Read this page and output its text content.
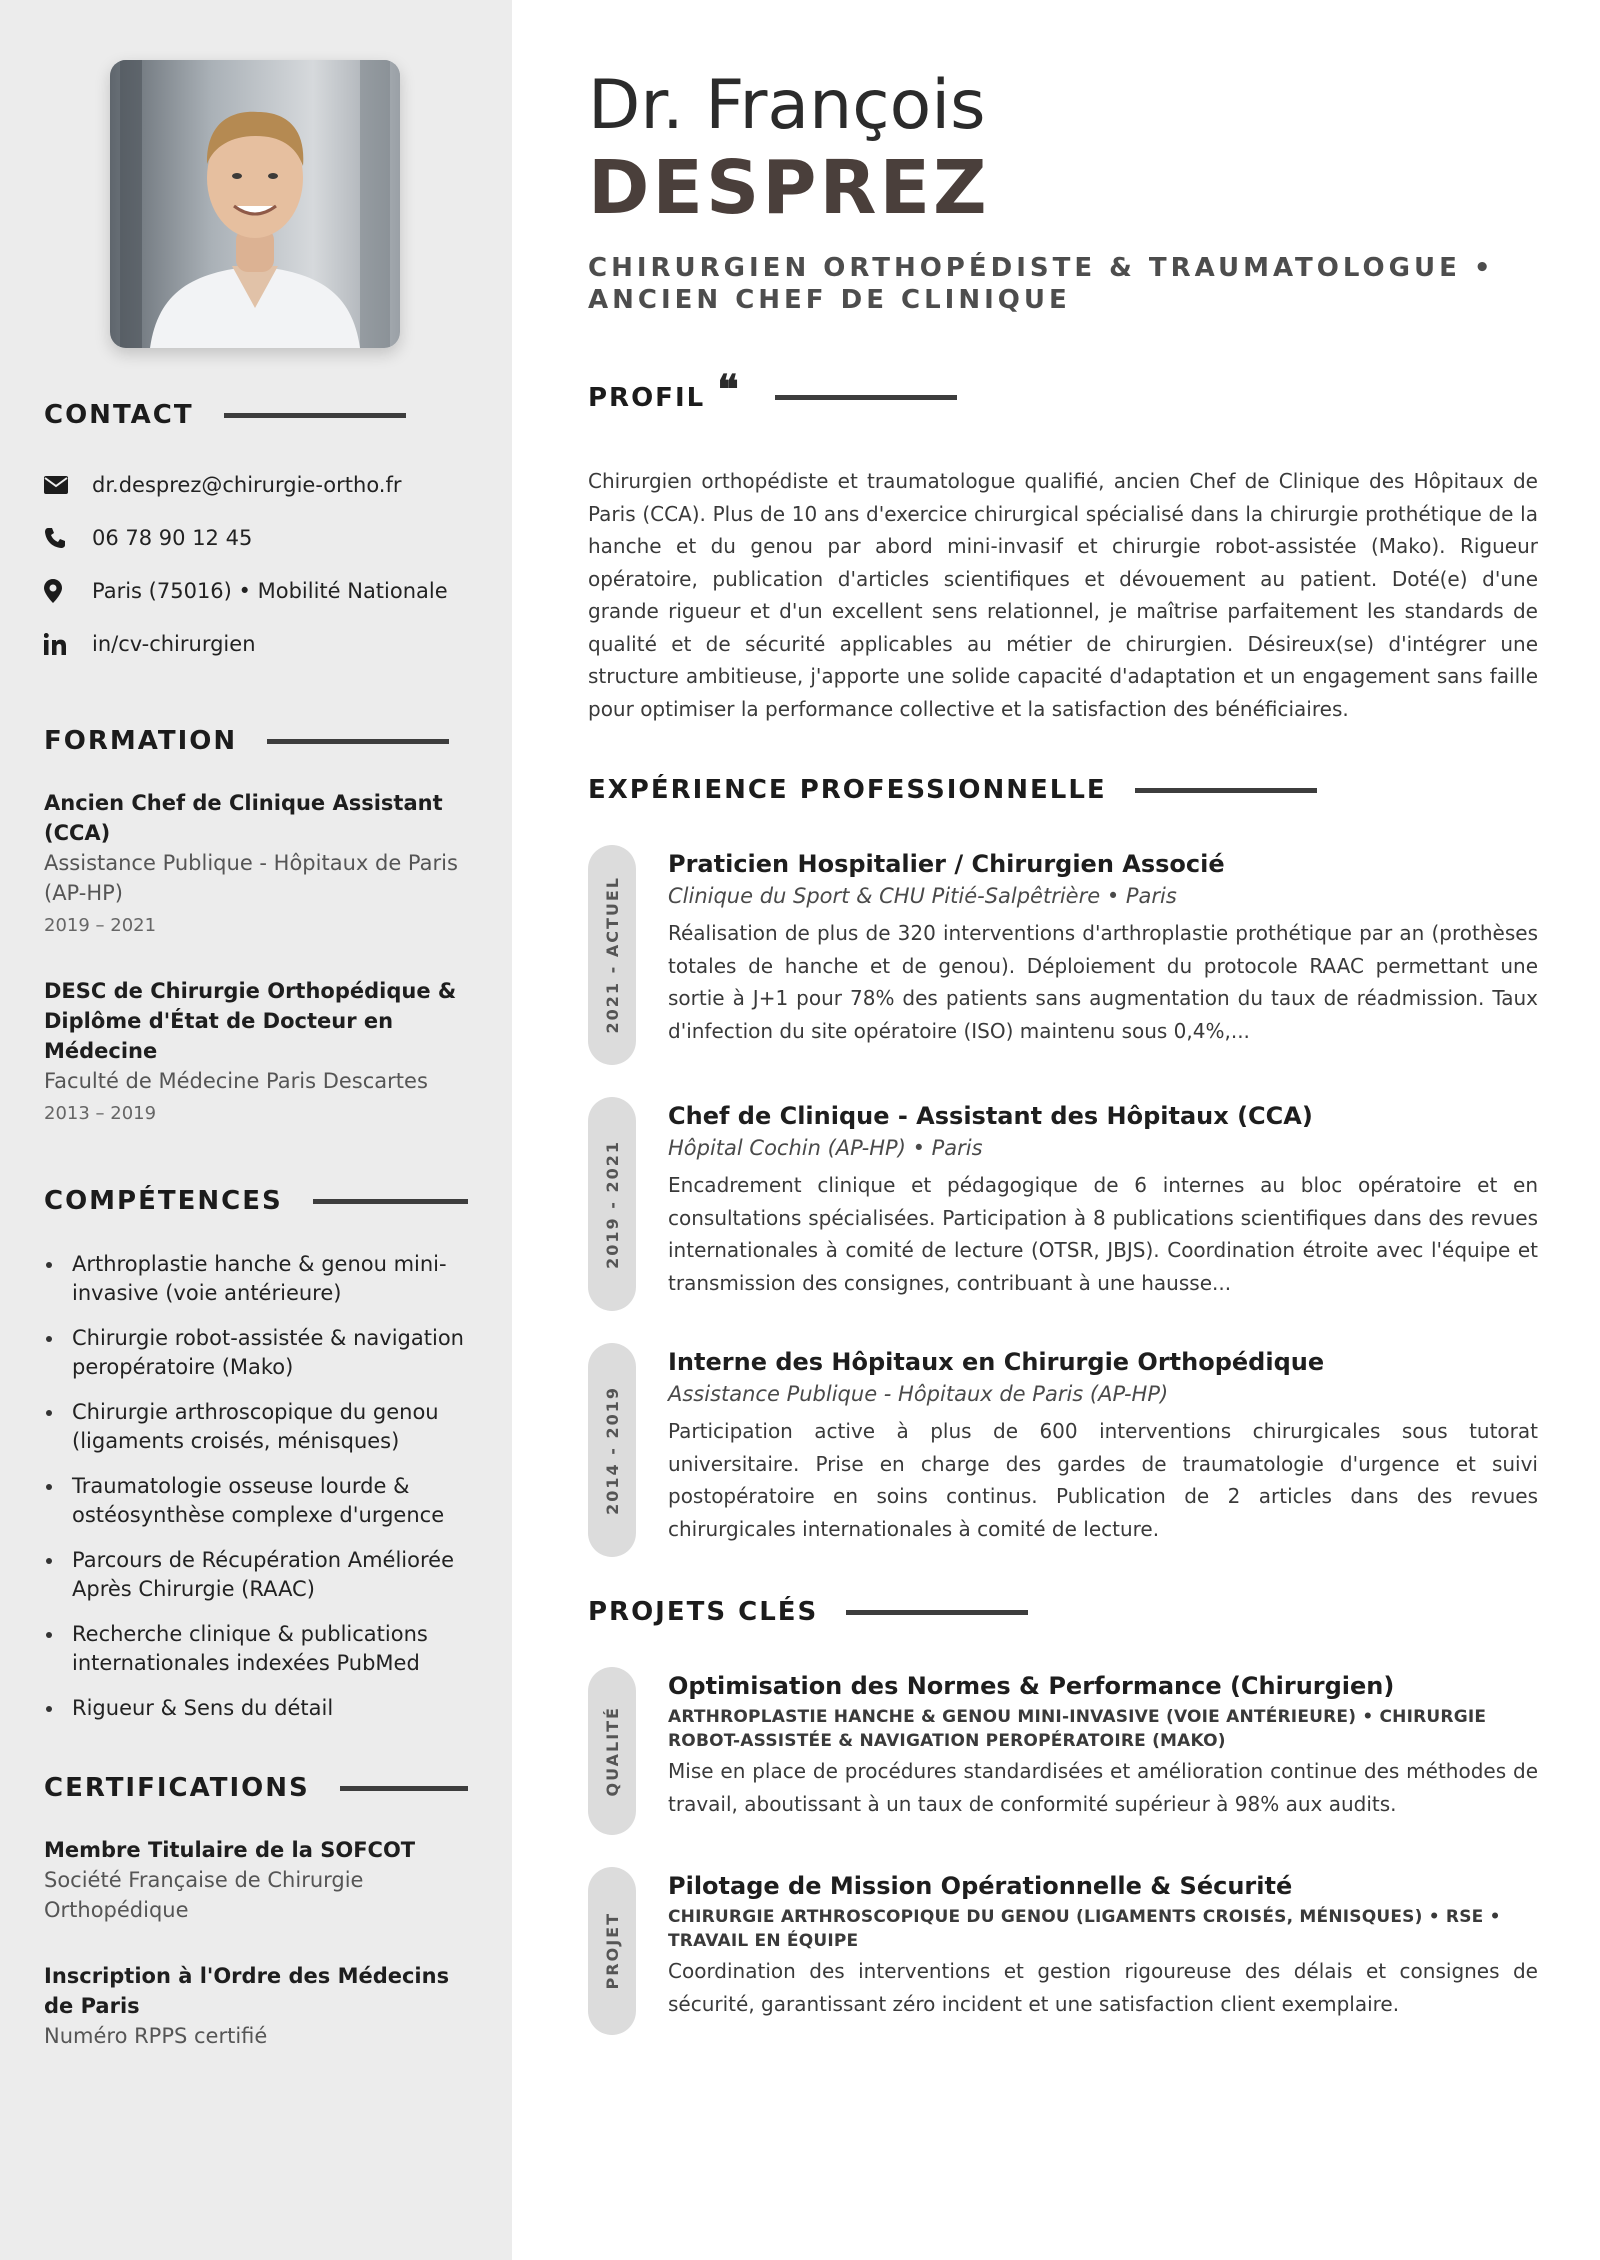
CONTACT
dr.desprez@chirurgie-ortho.fr
06 78 90 12 45
Paris (75016) • Mobilité Nationale
in/cv-chirurgien
FORMATION
Ancien Chef de Clinique Assistant (CCA)
Assistance Publique - Hôpitaux de Paris (AP-HP)
2019 – 2021
DESC de Chirurgie Orthopédique & Diplôme d'État de Docteur en Médecine
Faculté de Médecine Paris Descartes
2013 – 2019
COMPÉTENCES
Arthroplastie hanche & genou mini-invasive (voie antérieure)
Chirurgie robot-assistée & navigation peropératoire (Mako)
Chirurgie arthroscopique du genou (ligaments croisés, ménisques)
Traumatologie osseuse lourde & ostéosynthèse complexe d'urgence
Parcours de Récupération Améliorée Après Chirurgie (RAAC)
Recherche clinique & publications internationales indexées PubMed
Rigueur & Sens du détail
CERTIFICATIONS
Membre Titulaire de la SOFCOT
Société Française de Chirurgie Orthopédique
Inscription à l'Ordre des Médecins de Paris
Numéro RPPS certifié
Dr. François
DESPREZ
CHIRURGIEN ORTHOPÉDISTE & TRAUMATOLOGUE •
ANCIEN CHEF DE CLINIQUE
PROFIL ❝
Chirurgien orthopédiste et traumatologue qualifié, ancien Chef de Clinique des Hôpitaux de Paris (CCA). Plus de 10 ans d'exercice chirurgical spécialisé dans la chirurgie prothétique de la hanche et du genou par abord mini-invasif et chirurgie robot-assistée (Mako). Rigueur opératoire, publication d'articles scientifiques et dévouement au patient. Doté(e) d'une grande rigueur et d'un excellent sens relationnel, je maîtrise parfaitement les standards de qualité et de sécurité applicables au métier de chirurgien. Désireux(se) d'intégrer une structure ambitieuse, j'apporte une solide capacité d'adaptation et un engagement sans faille pour optimiser la performance collective et la satisfaction des bénéficiaires.
EXPÉRIENCE PROFESSIONNELLE
2021 - ACTUEL
Praticien Hospitalier / Chirurgien Associé
Clinique du Sport & CHU Pitié-Salpêtrière • Paris
Réalisation de plus de 320 interventions d'arthroplastie prothétique par an (prothèses totales de hanche et de genou). Déploiement du protocole RAAC permettant une sortie à J+1 pour 78% des patients sans augmentation du taux de réadmission. Taux d'infection du site opératoire (ISO) maintenu sous 0,4%,...
2019 - 2021
Chef de Clinique - Assistant des Hôpitaux (CCA)
Hôpital Cochin (AP-HP) • Paris
Encadrement clinique et pédagogique de 6 internes au bloc opératoire et en consultations spécialisées. Participation à 8 publications scientifiques dans des revues internationales à comité de lecture (OTSR, JBJS). Coordination étroite avec l'équipe et transmission des consignes, contribuant à une hausse...
2014 - 2019
Interne des Hôpitaux en Chirurgie Orthopédique
Assistance Publique - Hôpitaux de Paris (AP-HP)
Participation active à plus de 600 interventions chirurgicales sous tutorat universitaire. Prise en charge des gardes de traumatologie d'urgence et suivi postopératoire en soins continus. Publication de 2 articles dans des revues chirurgicales internationales à comité de lecture.
PROJETS CLÉS
QUALITÉ
Optimisation des Normes & Performance (Chirurgien)
ARTHROPLASTIE HANCHE & GENOU MINI-INVASIVE (VOIE ANTÉRIEURE) • CHIRURGIE ROBOT-ASSISTÉE & NAVIGATION PEROPÉRATOIRE (MAKO)
Mise en place de procédures standardisées et amélioration continue des méthodes de travail, aboutissant à un taux de conformité supérieur à 98% aux audits.
PROJET
Pilotage de Mission Opérationnelle & Sécurité
CHIRURGIE ARTHROSCOPIQUE DU GENOU (LIGAMENTS CROISÉS, MÉNISQUES) • RSE • TRAVAIL EN ÉQUIPE
Coordination des interventions et gestion rigoureuse des délais et consignes de sécurité, garantissant zéro incident et une satisfaction client exemplaire.
